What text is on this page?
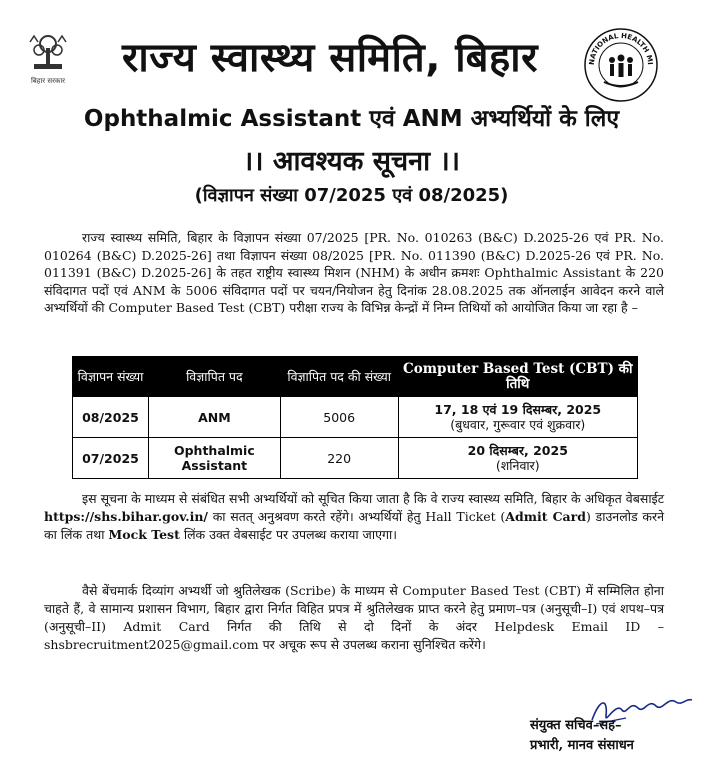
बिहार सरकार
NATIONAL HEALTH MI
राज्य स्वास्थ्य समिति, बिहार
Ophthalmic Assistant एवं ANM अभ्यर्थियों के लिए
।। आवश्यक सूचना ।।
(विज्ञापन संख्या 07/2025 एवं 08/2025)
राज्य स्वास्थ्य समिति, बिहार के विज्ञापन संख्या 07/2025 [PR. No. 010263 (B&C) D.2025-26 एवं PR. No. 010264 (B&C) D.2025-26] तथा विज्ञापन संख्या 08/2025 [PR. No. 011390 (B&C) D.2025-26 एवं PR. No. 011391 (B&C) D.2025-26] के तहत राष्ट्रीय स्वास्थ्य मिशन (NHM) के अधीन क्रमशः Ophthalmic Assistant के 220 संविदागत पदों एवं ANM के 5006 संविदागत पदों पर चयन/नियोजन हेतु दिनांक 28.08.2025 तक ऑनलाईन आवेदन करने वाले अभ्यर्थियों की Computer Based Test (CBT) परीक्षा राज्य के विभिन्न केन्द्रों में निम्न तिथियों को आयोजित किया जा रहा है –
विज्ञापन संख्या	विज्ञापित पद	विज्ञापित पद की संख्या	Computer Based Test (CBT) की तिथि
08/2025	ANM	5006	17, 18 एवं 19 दिसम्बर, 2025
(बुधवार, गुरूवार एवं शुक्रवार)

07/2025	Ophthalmic Assistant	220	20 दिसम्बर, 2025
(शनिवार)
इस सूचना के माध्यम से संबंधित सभी अभ्यर्थियों को सूचित किया जाता है कि वे राज्य स्वास्थ्य समिति, बिहार के अधिकृत वेबसाईट https://shs.bihar.gov.in/ का सतत् अनुश्रवण करते रहेंगे। अभ्यर्थियों हेतु Hall Ticket (Admit Card) डाउनलोड करने का लिंक तथा Mock Test लिंक उक्त वेबसाईट पर उपलब्ध कराया जाएगा।
वैसे बेंचमार्क दिव्यांग अभ्यर्थी जो श्रुतिलेखक (Scribe) के माध्यम से Computer Based Test (CBT) में सम्मिलित होना चाहते हैं, वे सामान्य प्रशासन विभाग, बिहार द्वारा निर्गत विहित प्रपत्र में श्रुतिलेखक प्राप्त करने हेतु प्रमाण–पत्र (अनुसूची–I) एवं शपथ–पत्र (अनुसूची–II) Admit Card निर्गत की तिथि से दो दिनों के अंदर Helpdesk Email ID – shsbrecruitment2025@gmail.com पर अचूक रूप से उपलब्ध कराना सुनिश्चित करेंगे।
संयुक्त सचिव–सह–
प्रभारी, मानव संसाधन
